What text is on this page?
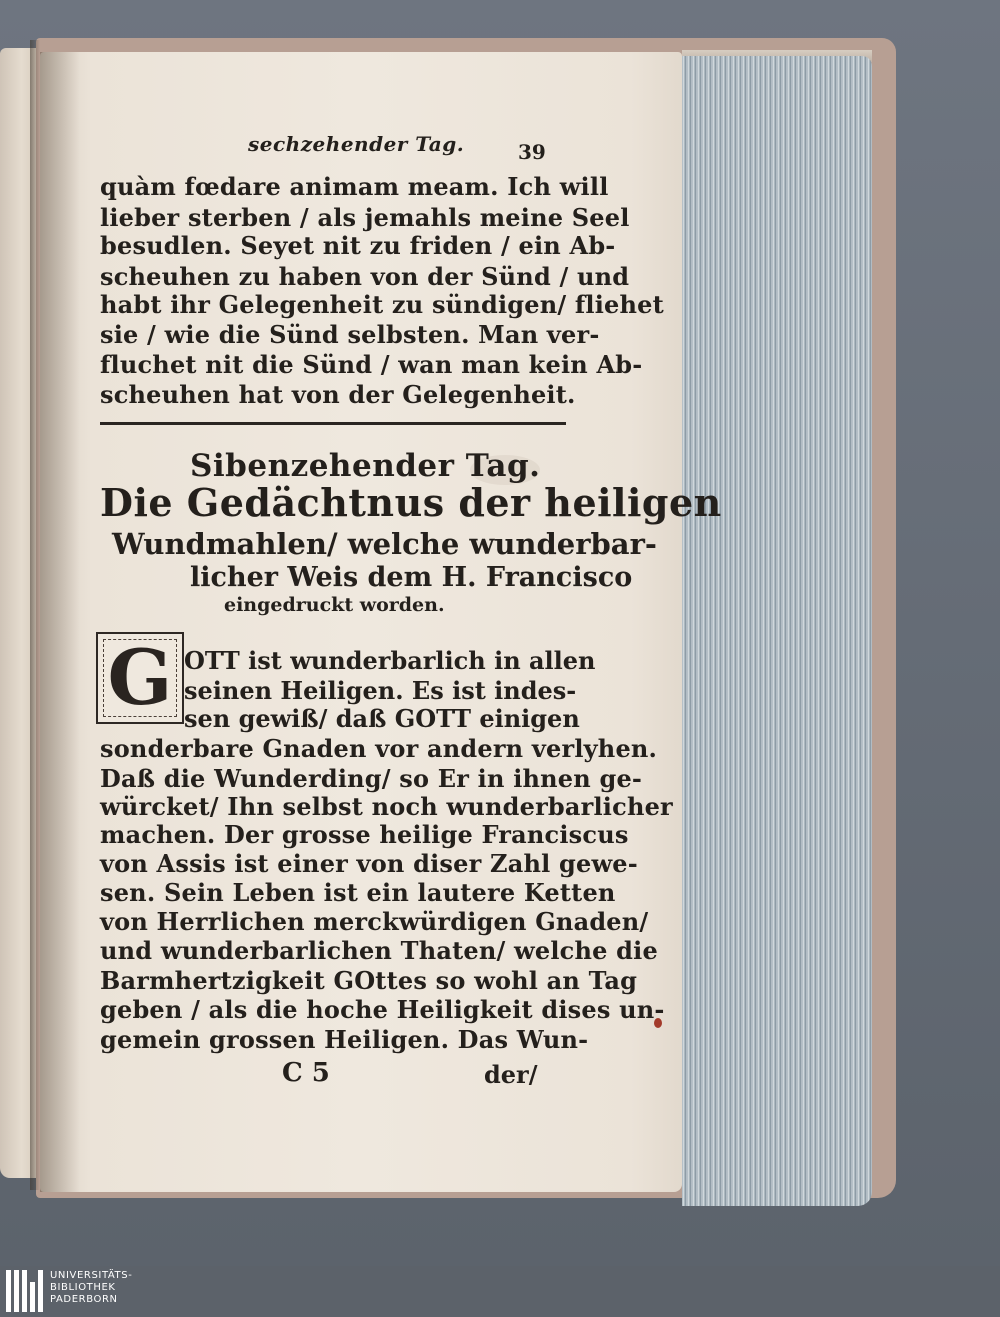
sechzehender Tag.	39
quàm fœdare animam meam. Ich will
lieber sterben / als jemahls meine Seel
besudlen. Seyet nit zu friden / ein Ab-
scheuhen zu haben von der Sünd / und
habt ihr Gelegenheit zu sündigen/ fliehet
sie / wie die Sünd selbsten. Man ver-
fluchet nit die Sünd / wan man kein Ab-
scheuhen hat von der Gelegenheit.
Sibenzehender Tag.
Die Gedächtnus der heiligen
Wundmahlen/ welche wunderbar-
licher Weis dem H. Francisco
eingedruckt worden.
G OTT ist wunderbarlich in allen
seinen Heiligen. Es ist indes-
sen gewiß/ daß GOTT einigen
sonderbare Gnaden vor andern verlyhen.
Daß die Wunderding/ so Er in ihnen ge-
würcket/ Ihn selbst noch wunderbarlicher
machen. Der grosse heilige Franciscus
von Assis ist einer von diser Zahl gewe-
sen. Sein Leben ist ein lautere Ketten
von Herrlichen merckwürdigen Gnaden/
und wunderbarlichen Thaten/ welche die
Barmhertzigkeit GOttes so wohl an Tag
geben / als die hoche Heiligkeit dises un-
gemein grossen Heiligen. Das Wun-
C 5	der/
UNIVERSITÄTS-
BIBLIOTHEK
PADERBORN
